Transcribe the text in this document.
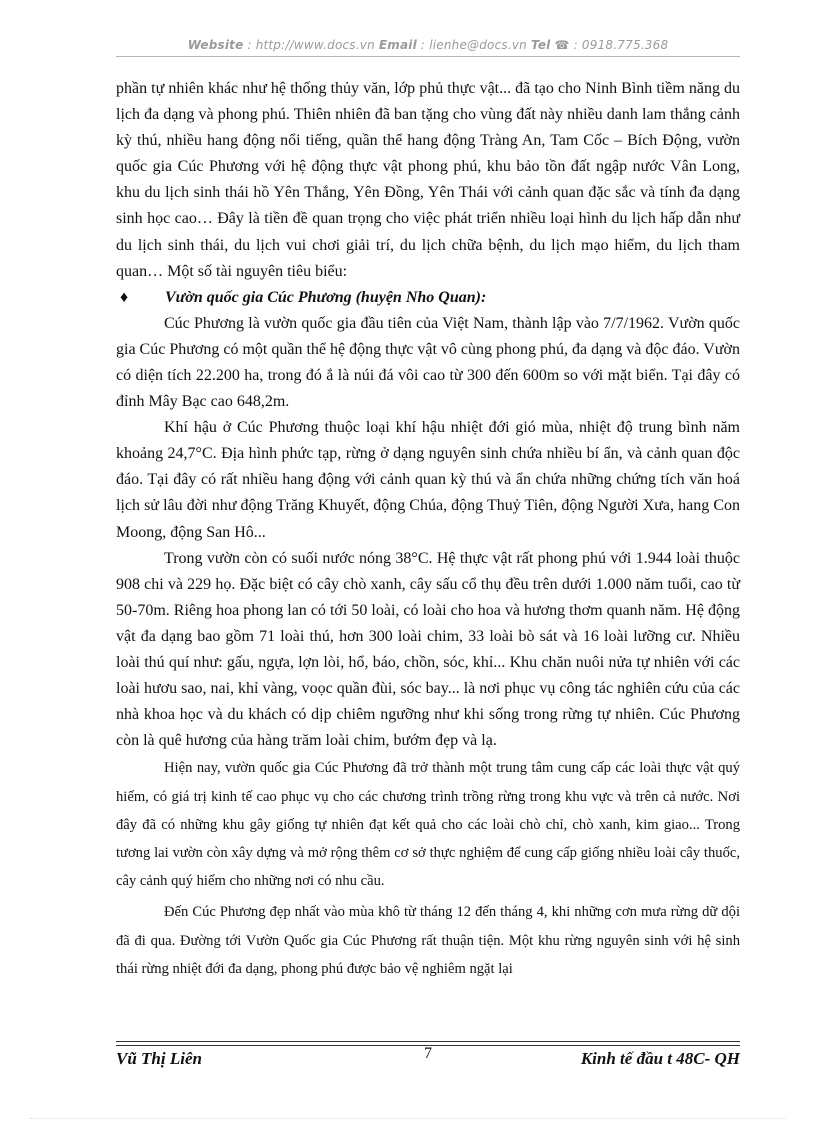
Website : http://www.docs.vn Email : lienhe@docs.vn Tel ☎ : 0918.775.368

phần tự nhiên khác như hệ thống thủy văn, lớp phủ thực vật... đã tạo cho Ninh Bình tiềm năng du lịch đa dạng và phong phú. Thiên nhiên đã ban tặng cho vùng đất này nhiều danh lam thắng cảnh kỳ thú, nhiều hang động nổi tiếng, quần thể hang động Tràng An, Tam Cốc – Bích Động, vườn quốc gia Cúc Phương với hệ động thực vật phong phú, khu bảo tồn đất ngập nước Vân Long, khu du lịch sinh thái hồ Yên Thắng, Yên Đồng, Yên Thái với cảnh quan đặc sắc và tính đa dạng sinh học cao… Đây là tiền đề quan trọng cho việc phát triển nhiều loại hình du lịch hấp dẫn như du lịch sinh thái, du lịch vui chơi giải trí, du lịch chữa bệnh, du lịch mạo hiểm, du lịch tham quan… Một số tài nguyên tiêu biểu:

♦ Vườn quốc gia Cúc Phương (huyện Nho Quan):

Cúc Phương là vườn quốc gia đầu tiên của Việt Nam, thành lập vào 7/7/1962. Vườn quốc gia Cúc Phương có một quần thể hệ động thực vật vô cùng phong phú, đa dạng và độc đáo. Vườn có diện tích 22.200 ha, trong đó ắ là núi đá vôi cao từ 300 đến 600m so với mặt biển. Tại đây có đỉnh Mây Bạc cao 648,2m.

Khí hậu ở Cúc Phương thuộc loại khí hậu nhiệt đới gió mùa, nhiệt độ trung bình năm khoảng 24,7°C. Địa hình phức tạp, rừng ở dạng nguyên sinh chứa nhiều bí ẩn, và cảnh quan độc đáo. Tại đây có rất nhiều hang động với cảnh quan kỳ thú và ẩn chứa những chứng tích văn hoá lịch sử lâu đời như động Trăng Khuyết, động Chúa, động Thuỷ Tiên, động Người Xưa, hang Con Moong, động San Hô...

Trong vườn còn có suối nước nóng 38°C. Hệ thực vật rất phong phú với 1.944 loài thuộc 908 chi và 229 họ. Đặc biệt có cây chò xanh, cây sấu cổ thụ đều trên dưới 1.000 năm tuổi, cao từ 50-70m. Riêng hoa phong lan có tới 50 loài, có loài cho hoa và hương thơm quanh năm. Hệ động vật đa dạng bao gồm 71 loài thú, hơn 300 loài chim, 33 loài bò sát và 16 loài lưỡng cư. Nhiều loài thú quí như: gấu, ngựa, lợn lòi, hổ, báo, chồn, sóc, khỉ... Khu chăn nuôi nửa tự nhiên với các loài hươu sao, nai, khỉ vàng, voọc quần đùi, sóc bay... là nơi phục vụ công tác nghiên cứu của các nhà khoa học và du khách có dịp chiêm ngưỡng như khi sống trong rừng tự nhiên. Cúc Phương còn là quê hương của hàng trăm loài chim, bướm đẹp và lạ.

Hiện nay, vườn quốc gia Cúc Phương đã trở thành một trung tâm cung cấp các loài thực vật quý hiếm, có giá trị kinh tế cao phục vụ cho các chương trình trồng rừng trong khu vực và trên cả nước. Nơi đây đã có những khu gây giống tự nhiên đạt kết quả cho các loài chò chỉ, chò xanh, kim giao... Trong tương lai vườn còn xây dựng và mở rộng thêm cơ sở thực nghiệm để cung cấp giống nhiều loài cây thuốc, cây cảnh quý hiếm cho những nơi có nhu cầu.

Đến Cúc Phương đẹp nhất vào mùa khô từ tháng 12 đến tháng 4, khi những cơn mưa rừng dữ dội đã đi qua. Đường tới Vườn Quốc gia Cúc Phương rất thuận tiện. Một khu rừng nguyên sinh với hệ sinh thái rừng nhiệt đới đa dạng, phong phú được bảo vệ nghiêm ngặt lại

Vũ Thị Liên	7	Kinh tế đầu t 48C- QH
